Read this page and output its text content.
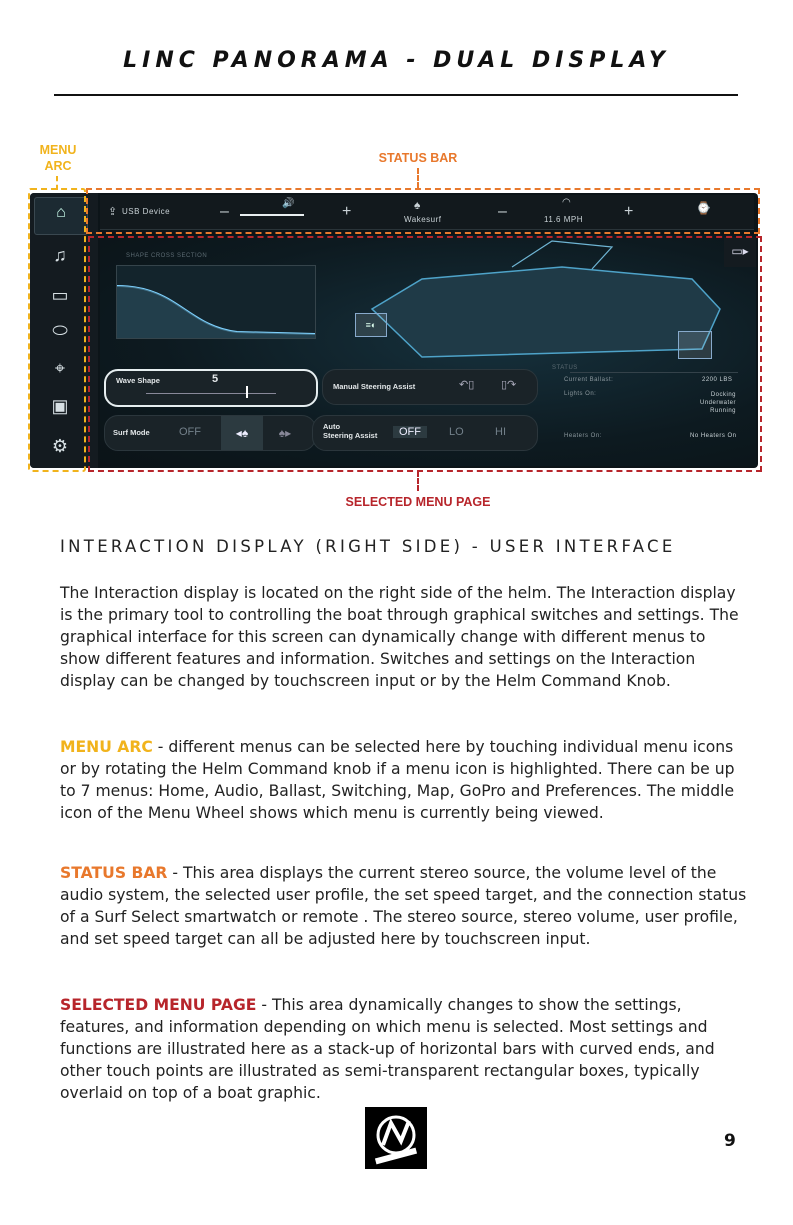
LINC PANORAMA - DUAL DISPLAY
MENU
ARC
STATUS BAR
⌂
♫
▭
⬭
⌖
▣
⚙
⇪ USB Device	–	🔊	+	♠
Wakesurf	–
◠
11.6 MPH	+	⌚
SHAPE CROSS SECTION
≡◐
▭▸
Wave Shape	5
Surf Mode	OFF	◂♠	♠▸
Manual Steering Assist	↶▯ ▯↷
Auto
Steering Assist	OFF	LO	HI
STATUS
Current Ballast:	2200 LBS
Lights On:	Docking
Underwater
Running
Heaters On:	No Heaters On
SELECTED MENU PAGE
INTERACTION DISPLAY (RIGHT SIDE) - USER INTERFACE
The Interaction display is located on the right side of the helm. The Interaction display is the primary tool to controlling the boat through graphical switches and settings. The graphical interface for this screen can dynamically change with different menus to show different features and information. Switches and settings on the Interaction display can be changed by touchscreen input or by the Helm Command Knob.
MENU ARC - different menus can be selected here by touching individual menu icons or by rotating the Helm Command knob if a menu icon is highlighted. There can be up to 7 menus: Home, Audio, Ballast, Switching, Map, GoPro and Preferences. The middle icon of the Menu Wheel shows which menu is currently being viewed.
STATUS BAR - This area displays the current stereo source, the volume level of the audio system, the selected user profile, the set speed target, and the connection status of a Surf Select smartwatch or remote . The stereo source, stereo volume, user profile, and set speed target can all be adjusted here by touchscreen input.
SELECTED MENU PAGE - This area dynamically changes to show the settings, features, and information depending on which menu is selected. Most settings and functions are illustrated here as a stack-up of horizontal bars with curved ends, and other touch points are illustrated as semi-transparent rectangular boxes, typically overlaid on top of a boat graphic.
9
